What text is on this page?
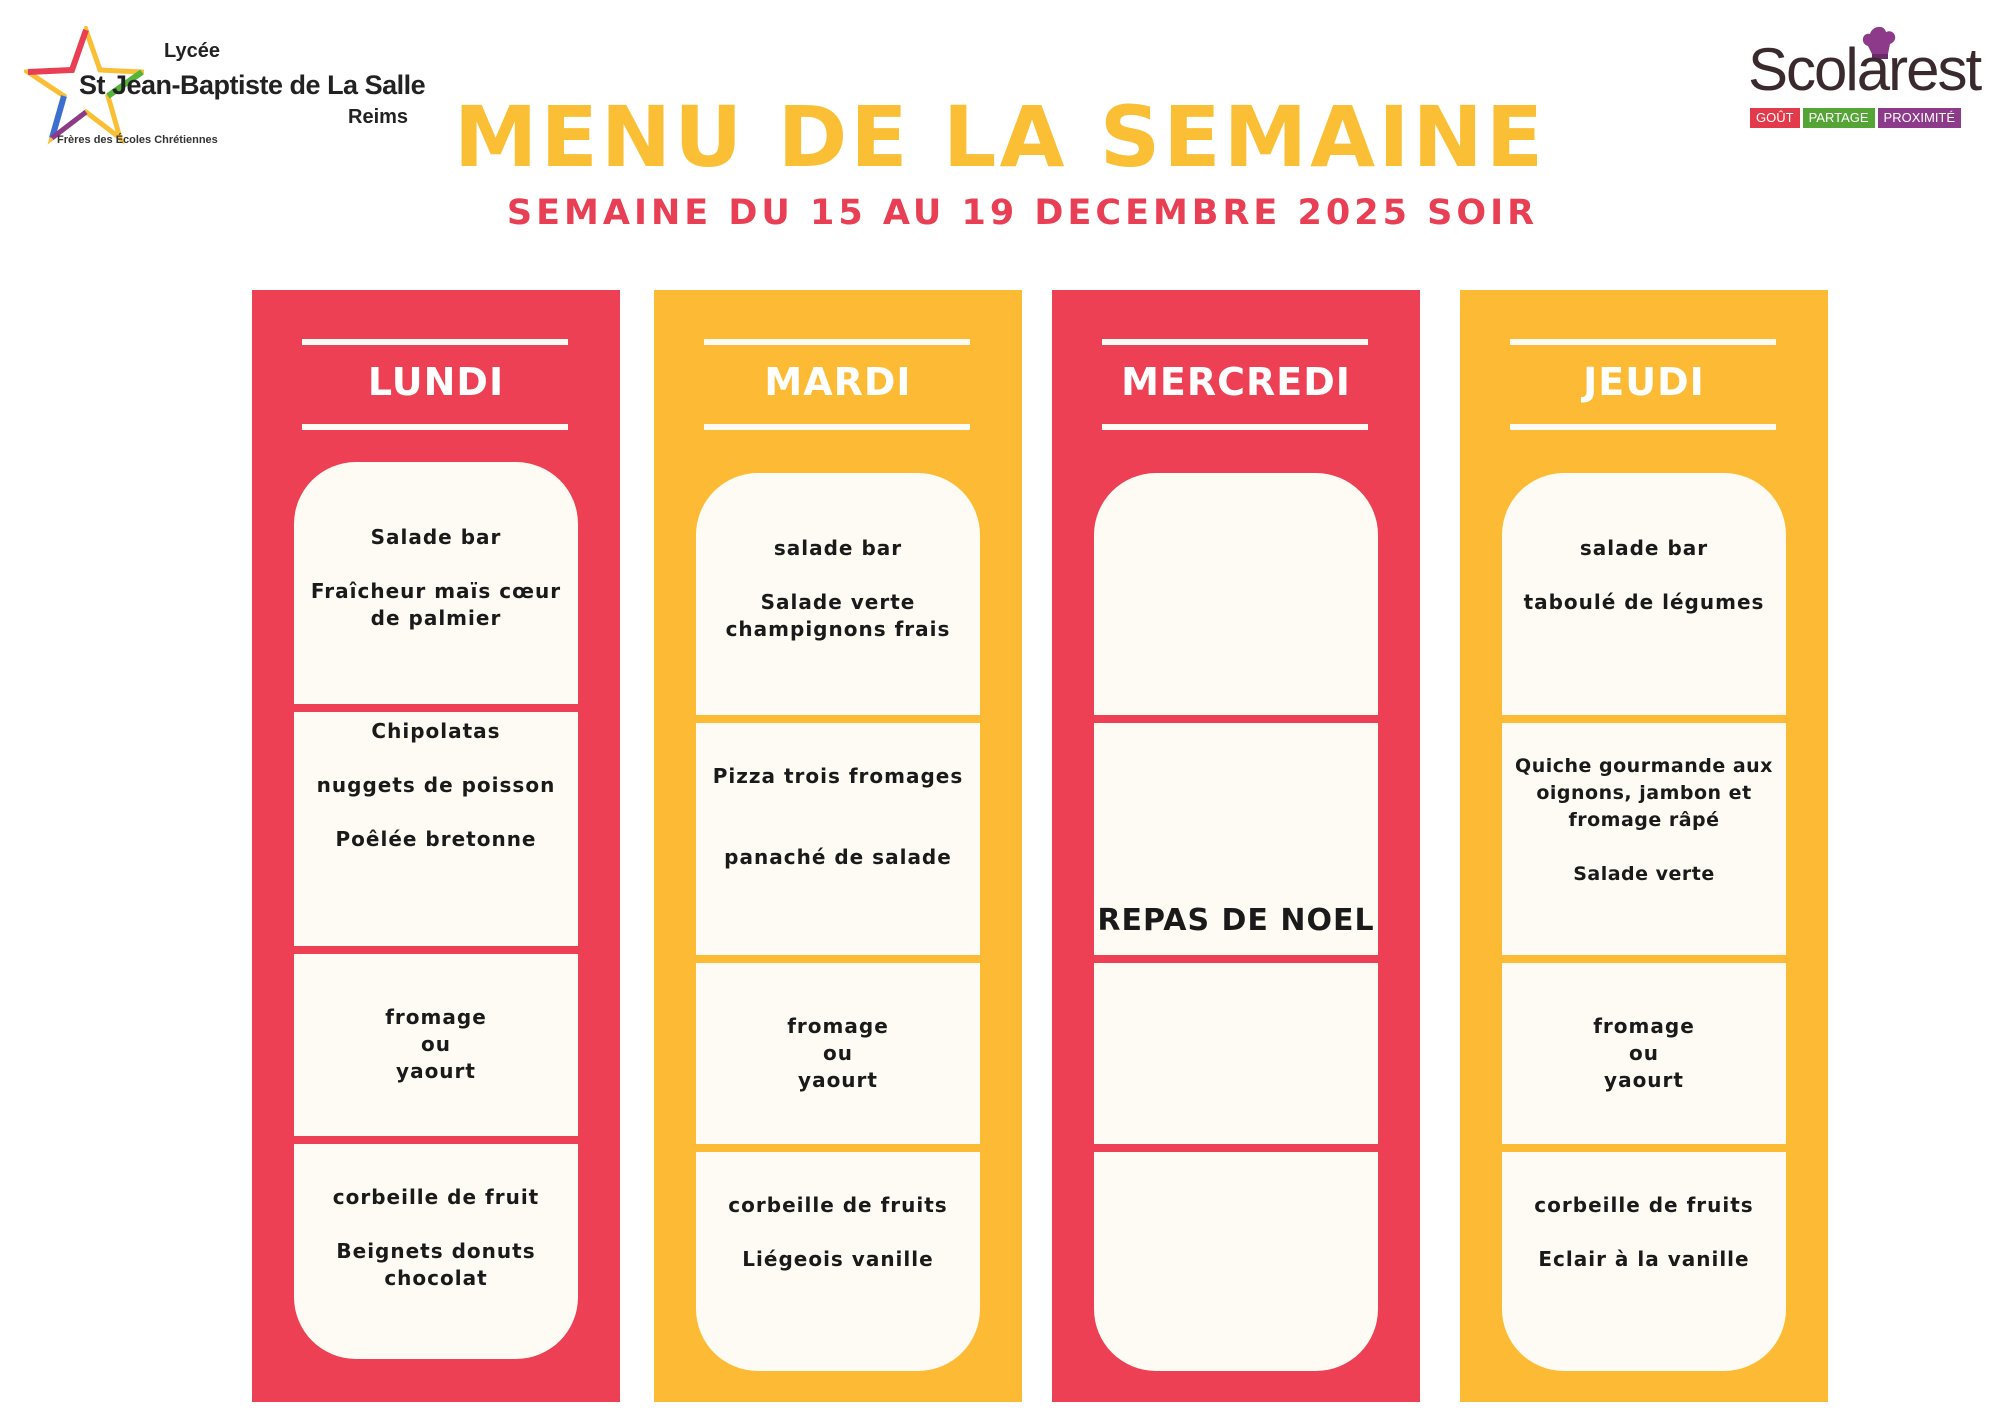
Lycée
St Jean-Baptiste de La Salle
Reims
Frères des Écoles Chrétiennes
Scolarest
GOÛT	PARTAGE	PROXIMITÉ
MENU DE LA SEMAINE
SEMAINE DU 15 AU 19 DECEMBRE 2025 SOIR
LUNDI
Salade bar

Fraîcheur maïs cœur
de palmier
Chipolatas

nuggets de poisson

Poêlée bretonne
fromage
ou
yaourt
corbeille de fruit

Beignets donuts
chocolat
MARDI
salade bar

Salade verte
champignons frais
Pizza trois fromages

panaché de salade
fromage
ou
yaourt
corbeille de fruits

Liégeois vanille
MERCREDI
REPAS DE NOEL
JEUDI
salade bar

taboulé de légumes
Quiche gourmande aux
oignons, jambon et
fromage râpé

Salade verte
fromage
ou
yaourt
corbeille de fruits

Eclair à la vanille
